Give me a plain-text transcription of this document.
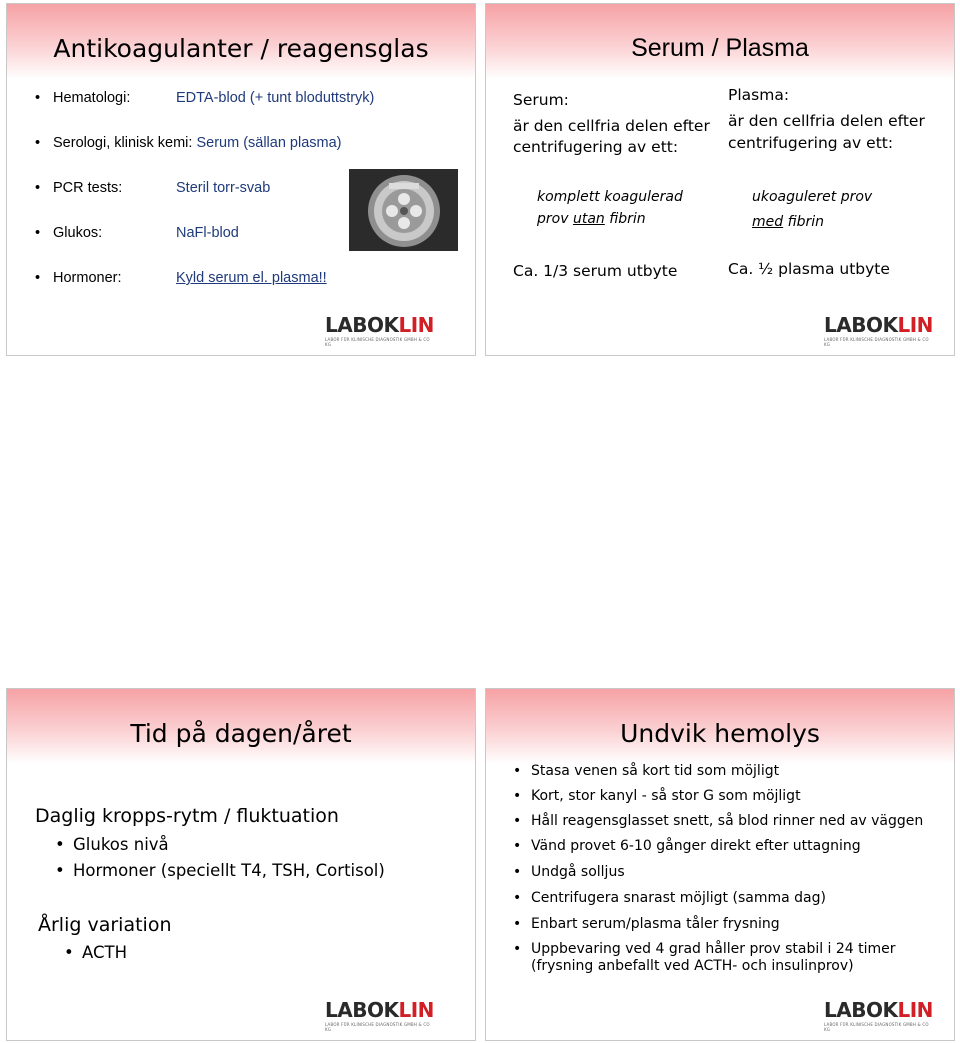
Antikoagulanter / reagensglas
• Hematologi:	EDTA-blod (+ tunt bloduttstryk)
• Serologi, klinisk kemi: Serum (sällan plasma)
• PCR tests:	Steril torr-svab
• Glukos:	NaFl-blod
• Hormoner:	Kyld serum el. plasma!!
LABOKLIN
LABOR FÜR KLINISCHE DIAGNOSTIK GMBH & CO KG
Serum / Plasma
Serum:
är den cellfria delen efter
centrifugering av ett:
komplett koagulerad
prov utan fibrin
Ca. 1/3 serum utbyte
Plasma:
är den cellfria delen efter
centrifugering av ett:
ukoaguleret prov
med fibrin
Ca. ½ plasma utbyte
LABOKLIN
LABOR FÜR KLINISCHE DIAGNOSTIK GMBH & CO KG
Tid på dagen/året
Daglig kropps-rytm / fluktuation
• Glukos nivå
• Hormoner (speciellt T4, TSH, Cortisol)
Årlig variation
• ACTH
LABOKLIN
LABOR FÜR KLINISCHE DIAGNOSTIK GMBH & CO KG
Undvik hemolys
• Stasa venen så kort tid som möjligt
• Kort, stor kanyl - så stor G som möjligt
• Håll reagensglasset snett, så blod rinner ned av väggen
• Vänd provet 6-10 gånger direkt efter uttagning
• Undgå solljus
• Centrifugera snarast möjligt (samma dag)
• Enbart serum/plasma tåler frysning
• Uppbevaring ved 4 grad håller prov stabil i 24 timer
(frysning anbefallt ved ACTH- och insulinprov)
LABOKLIN
LABOR FÜR KLINISCHE DIAGNOSTIK GMBH & CO KG
